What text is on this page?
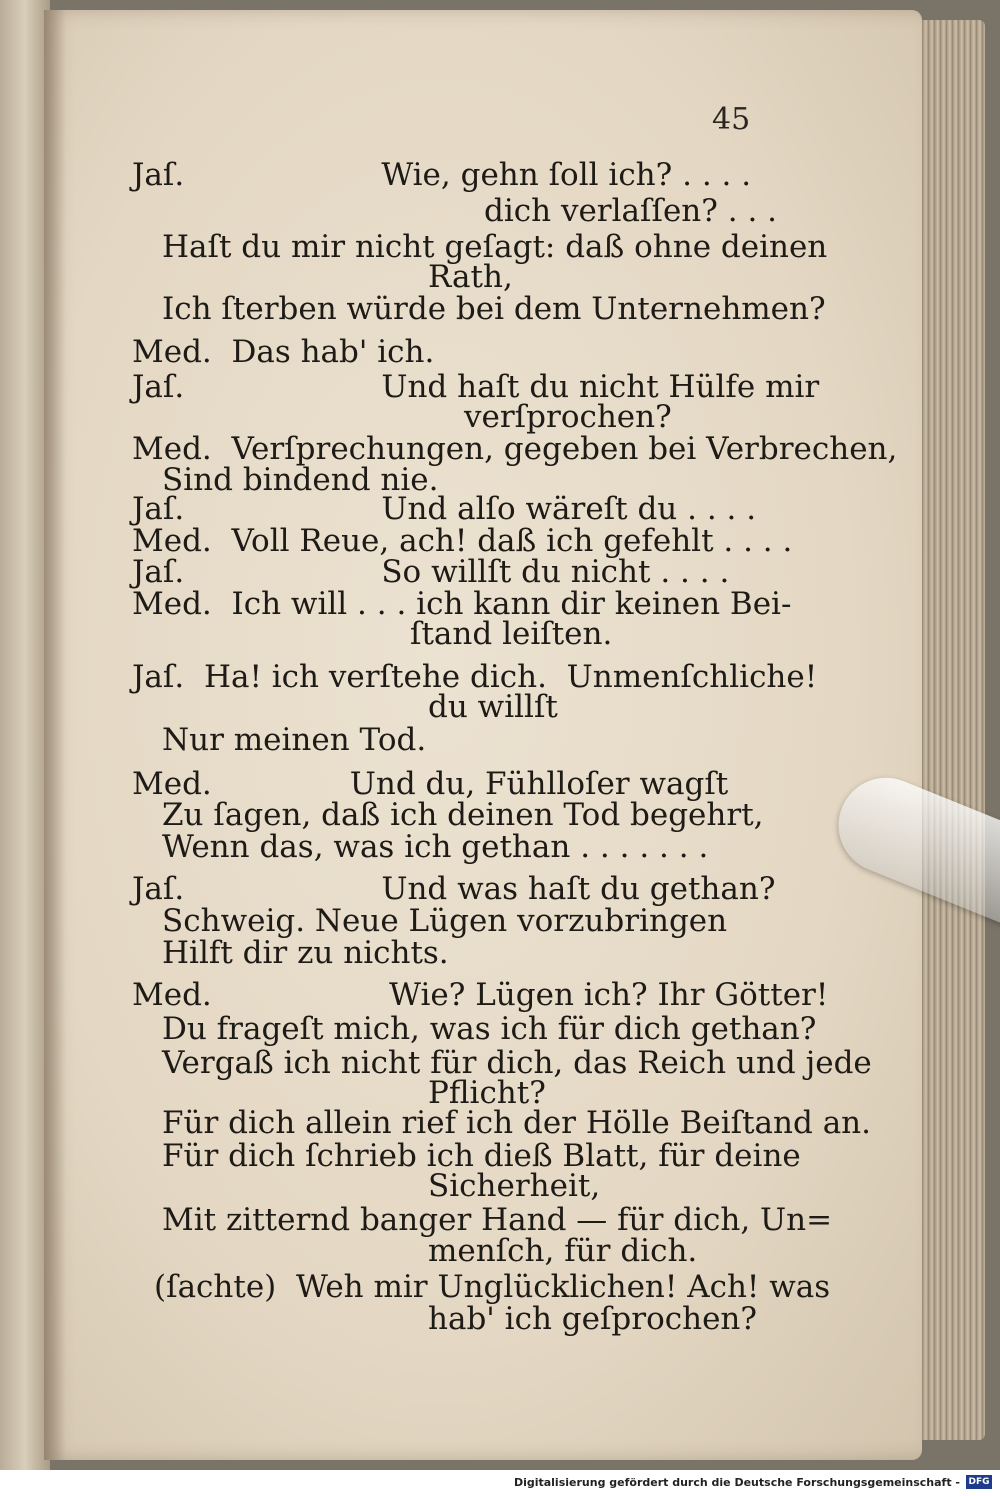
45
Jaſ.                    Wie, gehn ſoll ich? . . . .
dich verlaſſen? . . .
Haſt du mir nicht geſagt: daß ohne deinen
Rath,
Ich ſterben würde bei dem Unternehmen?
Med.  Das hab' ich.
Jaſ.                    Und haſt du nicht Hülfe mir
verſprochen?
Med.  Verſprechungen, gegeben bei Verbrechen,
Sind bindend nie.
Jaſ.                    Und alſo wäreſt du . . . .
Med.  Voll Reue, ach! daß ich gefehlt . . . .
Jaſ.                    So willſt du nicht . . . .
Med.  Ich will . . . ich kann dir keinen Bei-
ſtand leiſten.
Jaſ.  Ha! ich verſtehe dich.  Unmenſchliche!
du willſt
Nur meinen Tod.
Med.              Und du, Fühlloſer wagſt
Zu ſagen, daß ich deinen Tod begehrt,
Wenn das, was ich gethan . . . . . . .
Jaſ.                    Und was haſt du gethan?
Schweig. Neue Lügen vorzubringen
Hilft dir zu nichts.
Med.                  Wie? Lügen ich? Ihr Götter!
Du frageſt mich, was ich für dich gethan?
Vergaß ich nicht für dich, das Reich und jede
Pflicht?
Für dich allein rief ich der Hölle Beiſtand an.
Für dich ſchrieb ich dieß Blatt, für deine
Sicherheit,
Mit zitternd banger Hand — für dich, Un=
menſch, für dich.
(ſachte)  Weh mir Unglücklichen! Ach! was
hab' ich geſprochen?
Digitalisierung gefördert durch die Deutsche Forschungsgemeinschaft - DFG
